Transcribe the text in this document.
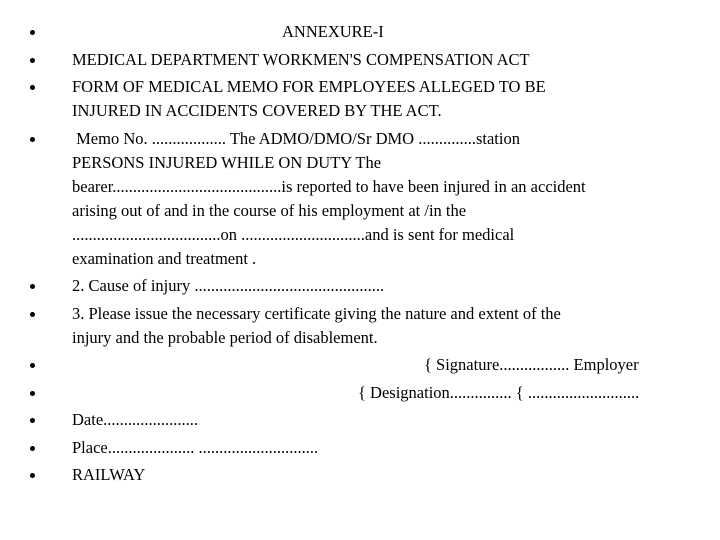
ANNEXURE-I
MEDICAL DEPARTMENT WORKMEN'S COMPENSATION ACT
FORM OF MEDICAL MEMO FOR EMPLOYEES ALLEGED TO BE
INJURED IN ACCIDENTS COVERED BY THE ACT.
Memo No. .................. The ADMO/DMO/Sr DMO ..............station
PERSONS INJURED WHILE ON DUTY The
bearer.........................................is reported to have been injured in an accident
arising out of and in the course of his employment at /in the
....................................on ..............................and is sent for medical
examination and treatment .
2. Cause of injury ..............................................
3. Please issue the necessary certificate giving the nature and extent of the
injury and the probable period of disablement.
{ Signature................. Employer
{ Designation............... { ...........................
Date.......................
Place..................... .............................
RAILWAY
